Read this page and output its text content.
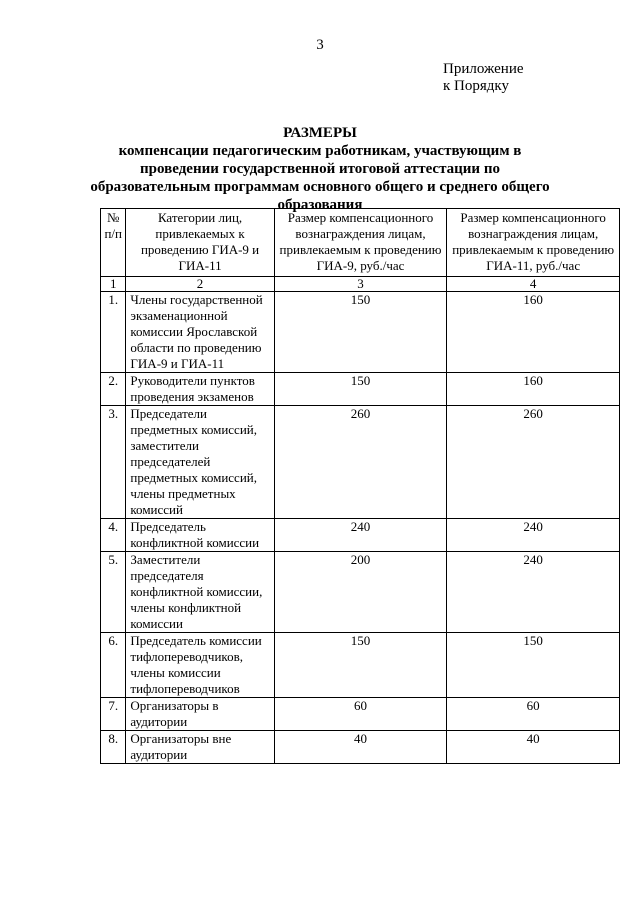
3
Приложение
к Порядку
РАЗМЕРЫ
компенсации педагогическим работникам, участвующим в проведении государственной итоговой аттестации по образовательным программам основного общего и среднего общего образования
№ п/п	Категории лиц, привлекаемых к проведению ГИА-9 и ГИА-11	Размер компенсационного вознаграждения лицам, привлекаемым к проведению ГИА-9, руб./час	Размер компенсационного вознаграждения лицам, привлекаемым к проведению ГИА-11, руб./час
1	2	3	4
1.	Члены государственной экзаменационной комиссии Ярославской области по проведению ГИА-9 и ГИА-11	150	160
2.	Руководители пунктов проведения экзаменов	150	160
3.	Председатели предметных комиссий, заместители председателей предметных комиссий, члены предметных комиссий	260	260
4.	Председатель конфликтной комиссии	240	240
5.	Заместители председателя конфликтной комиссии, члены конфликтной комиссии	200	240
6.	Председатель комиссии тифлопереводчиков, члены комиссии тифлопереводчиков	150	150
7.	Организаторы в аудитории	60	60
8.	Организаторы вне аудитории	40	40
